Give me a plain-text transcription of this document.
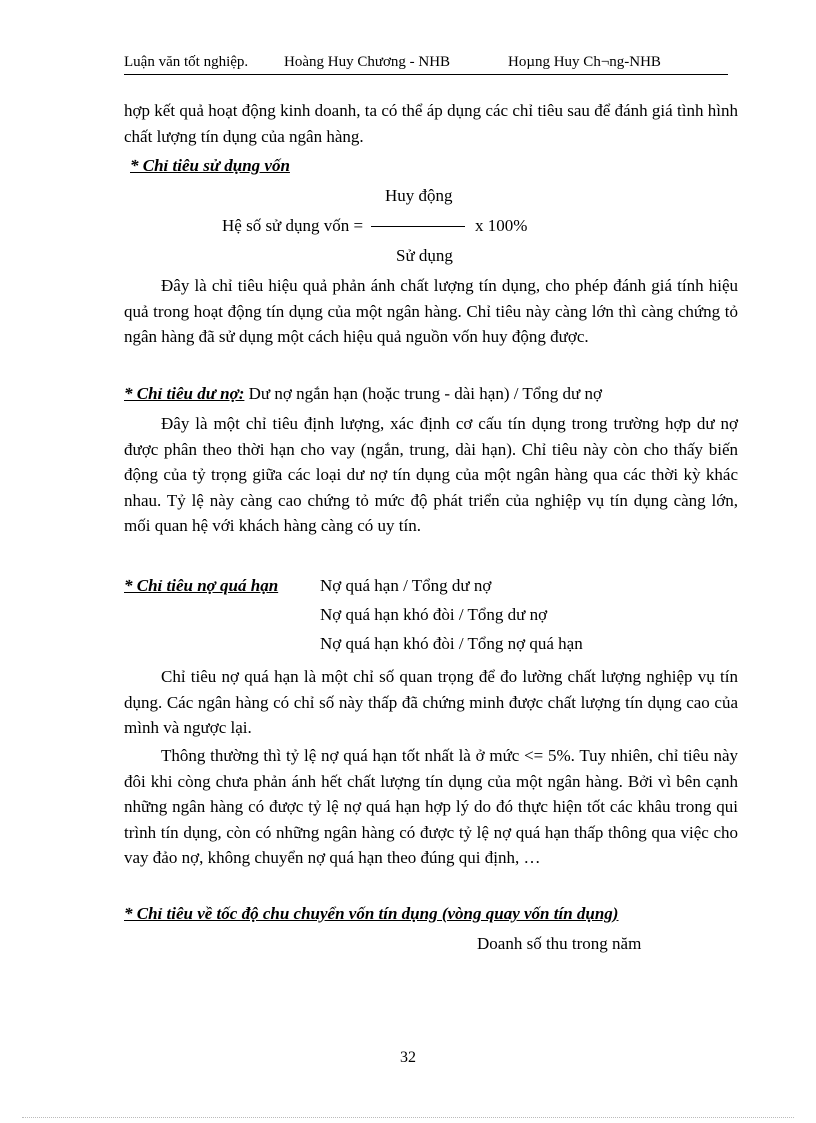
Luận văn tốt nghiệp. Hoàng Huy Chương - NHB	Hoµng Huy Ch¬ng-NHB
hợp kết quả hoạt động kinh doanh, ta có thể áp dụng các chỉ tiêu sau để đánh giá tình hình chất lượng tín dụng của ngân hàng.
* Chỉ tiêu sử dụng vốn
Huy động
Hệ số sử dụng vốn =	x 100%
Sử dụng
Đây là chỉ tiêu hiệu quả phản ánh chất lượng tín dụng, cho phép đánh giá tính hiệu quả trong hoạt động tín dụng của một ngân hàng. Chỉ tiêu này càng lớn thì càng chứng tỏ ngân hàng đã sử dụng một cách hiệu quả nguồn vốn huy động được.
* Chỉ tiêu dư nợ: Dư nợ ngắn hạn (hoặc trung - dài hạn) / Tổng dư nợ
Đây là một chỉ tiêu định lượng, xác định cơ cấu tín dụng trong trường hợp dư nợ được phân theo thời hạn cho vay (ngắn, trung, dài hạn). Chỉ tiêu này còn cho thấy biến động của tỷ trọng giữa các loại dư nợ tín dụng của một ngân hàng qua các thời kỳ khác nhau. Tỷ lệ này càng cao chứng tỏ mức độ phát triển của nghiệp vụ tín dụng càng lớn, mối quan hệ với khách hàng càng có uy tín.
* Chỉ tiêu nợ quá hạn Nợ quá hạn / Tổng dư nợ
Nợ quá hạn khó đòi / Tổng dư nợ
Nợ quá hạn khó đòi / Tổng nợ quá hạn
Chỉ tiêu nợ quá hạn là một chỉ số quan trọng để đo lường chất lượng nghiệp vụ tín dụng. Các ngân hàng có chỉ số này thấp đã chứng minh được chất lượng tín dụng cao của mình và ngược lại.
Thông thường thì tỷ lệ nợ quá hạn tốt nhất là ở mức <= 5%. Tuy nhiên, chỉ tiêu này đôi khi còng chưa phản ánh hết chất lượng tín dụng của một ngân hàng. Bởi vì bên cạnh những ngân hàng có được tỷ lệ nợ quá hạn hợp lý do đó thực hiện tốt các khâu trong qui trình tín dụng, còn có những ngân hàng có được tỷ lệ nợ quá hạn thấp thông qua việc cho vay đảo nợ, không chuyển nợ quá hạn theo đúng qui định, …
* Chỉ tiêu về tốc độ chu chuyển vốn tín dụng (vòng quay vốn tín dụng)
Doanh số thu trong năm
32
